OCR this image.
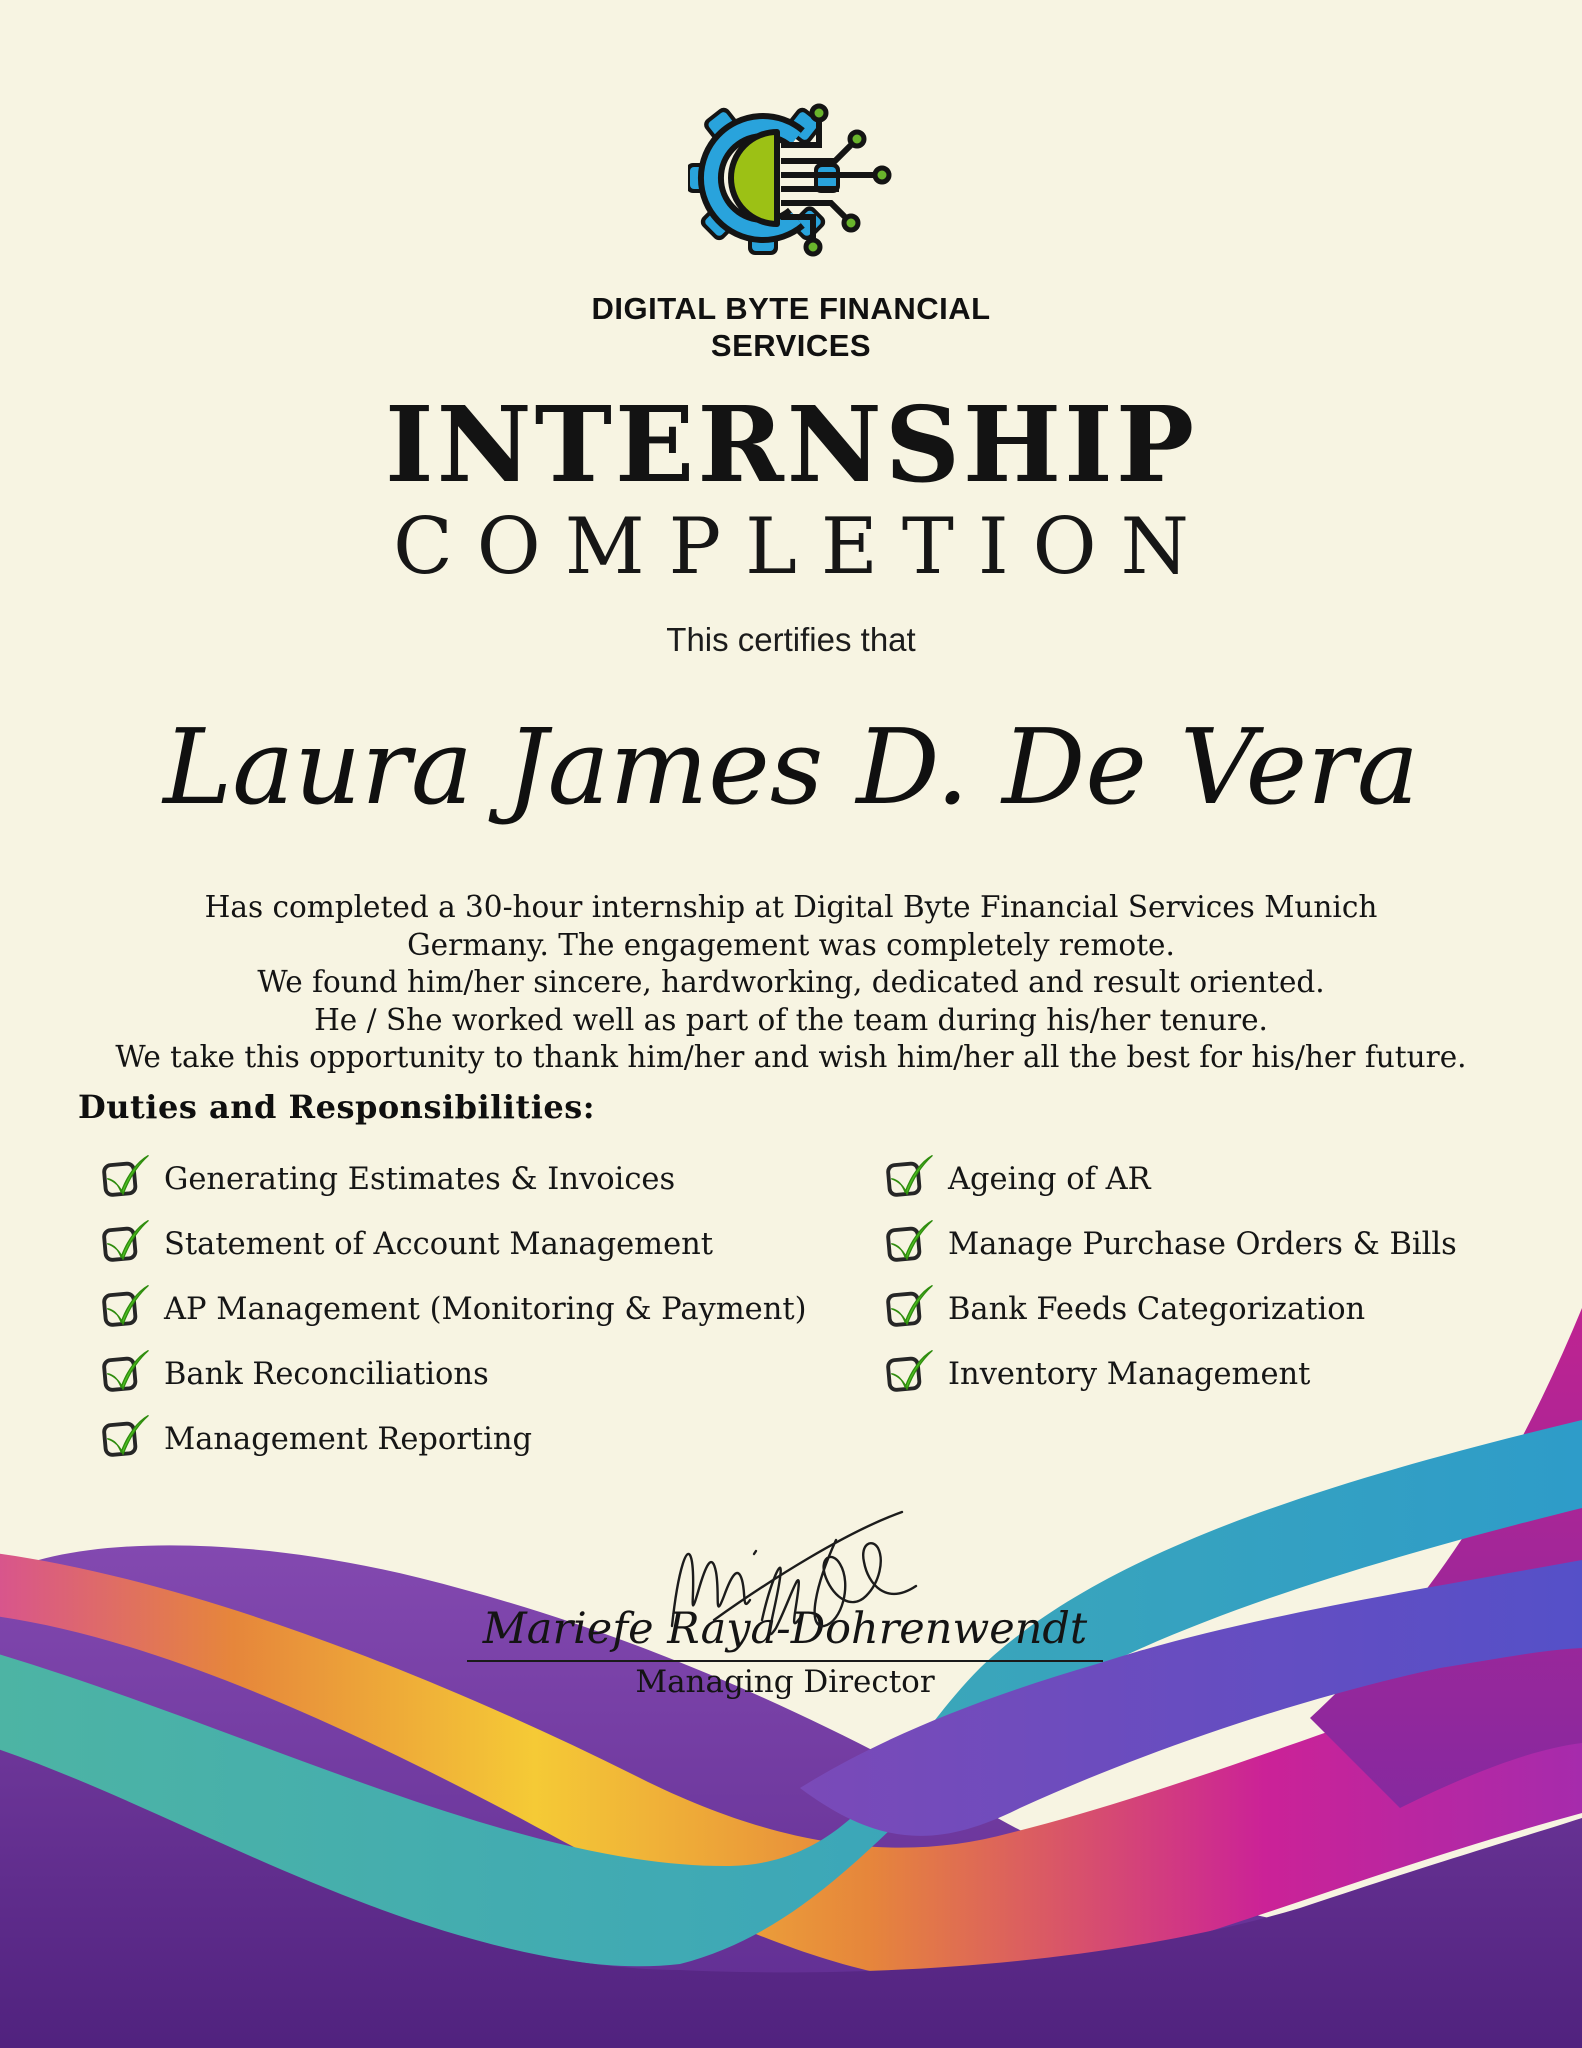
DIGITAL BYTE FINANCIAL
SERVICES
INTERNSHIP
COMPLETION
This certifies that
Laura James D. De Vera
Has completed a 30-hour internship at Digital Byte Financial Services Munich
Germany. The engagement was completely remote.
We found him/her sincere, hardworking, dedicated and result oriented.
He / She worked well as part of the team during his/her tenure.
We take this opportunity to thank him/her and wish him/her all the best for his/her future.
Duties and Responsibilities:
Generating Estimates & Invoices
Statement of Account Management
AP Management (Monitoring & Payment)
Bank Reconciliations
Management Reporting
Ageing of AR
Manage Purchase Orders & Bills
Bank Feeds Categorization
Inventory Management
Mariefe Raya-Dohrenwendt
Managing Director
